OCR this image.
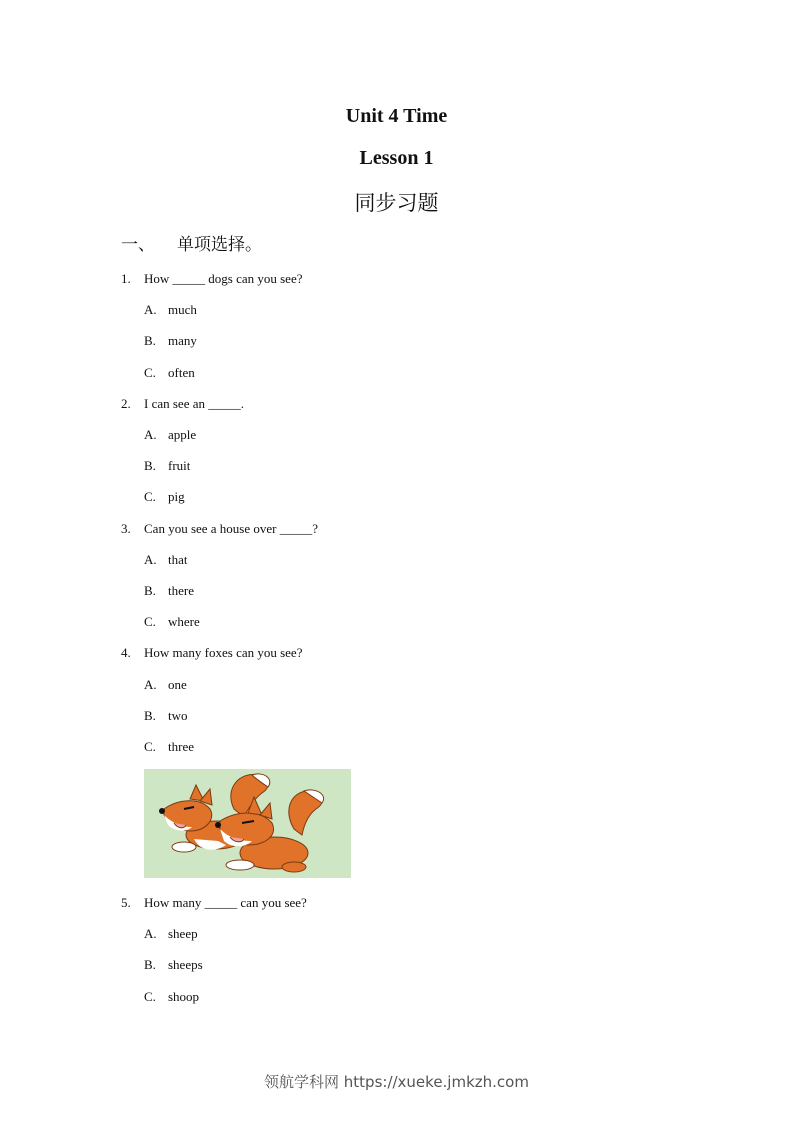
Unit 4 Time
Lesson 1
同步习题
一、 单项选择。
1. How _____ dogs can you see?
A. much
B. many
C. often
2. I can see an _____.
A. apple
B. fruit
C. pig
3. Can you see a house over _____?
A. that
B. there
C. where
4. How many foxes can you see?
A. one
B. two
C. three
5. How many _____ can you see?
A. sheep
B. sheeps
C. shoop
领航学科网 https://xueke.jmkzh.com
